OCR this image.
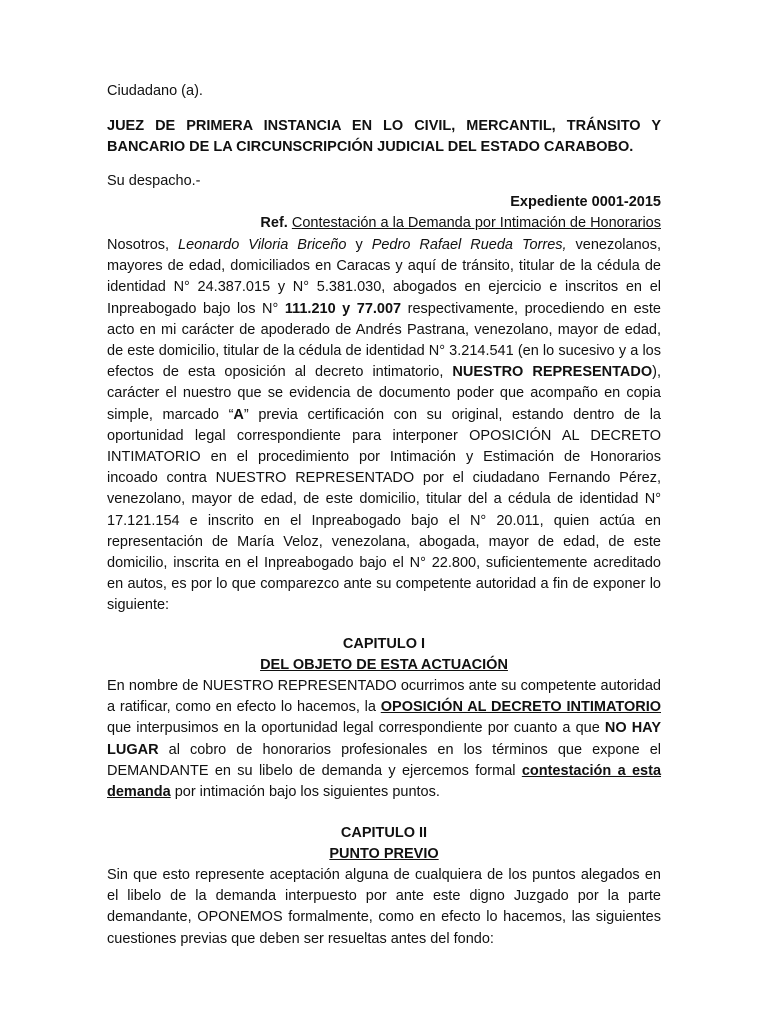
Ciudadano (a).

JUEZ DE PRIMERA INSTANCIA EN LO CIVIL, MERCANTIL, TRÁNSITO Y
BANCARIO DE LA CIRCUNSCRIPCIÓN JUDICIAL DEL ESTADO CARABOBO.

Su despacho.-

Expediente 0001-2015

Ref. Contestación a la Demanda por Intimación de Honorarios

Nosotros, Leonardo Viloria Briceño y Pedro Rafael Rueda Torres, venezolanos, mayores de edad, domiciliados en Caracas y aquí de tránsito, titular de la cédula de identidad N° 24.387.015 y N° 5.381.030, abogados en ejercicio e inscritos en el Inpreabogado bajo los N° 111.210 y 77.007 respectivamente, procediendo en este acto en mi carácter de apoderado de Andrés Pastrana, venezolano, mayor de edad, de este domicilio, titular de la cédula de identidad N° 3.214.541 (en lo sucesivo y a los efectos de esta oposición al decreto intimatorio, NUESTRO REPRESENTADO), carácter el nuestro que se evidencia de documento poder que acompaño en copia simple, marcado “A” previa certificación con su original, estando dentro de la oportunidad legal correspondiente para interponer OPOSICIÓN AL DECRETO INTIMATORIO en el procedimiento por Intimación y Estimación de Honorarios incoado contra NUESTRO REPRESENTADO por el ciudadano Fernando Pérez, venezolano, mayor de edad, de este domicilio, titular del a cédula de identidad N° 17.121.154 e inscrito en el Inpreabogado bajo el N° 20.011, quien actúa en representación de María Veloz, venezolana, abogada, mayor de edad, de este domicilio, inscrita en el Inpreabogado bajo el N° 22.800, suficientemente acreditado en autos, es por lo que comparezco ante su competente autoridad a fin de exponer lo siguiente:

CAPITULO I

DEL OBJETO DE ESTA ACTUACIÓN

En nombre de NUESTRO REPRESENTADO ocurrimos ante su competente autoridad a ratificar, como en efecto lo hacemos, la OPOSICIÓN AL DECRETO INTIMATORIO que interpusimos en la oportunidad legal correspondiente por cuanto a que NO HAY LUGAR al cobro de honorarios profesionales en los términos que expone el DEMANDANTE en su libelo de demanda y ejercemos formal contestación a esta demanda por intimación bajo los siguientes puntos.

CAPITULO II

PUNTO PREVIO

Sin que esto represente aceptación alguna de cualquiera de los puntos alegados en el libelo de la demanda interpuesto por ante este digno Juzgado por la parte demandante, OPONEMOS formalmente, como en efecto lo hacemos, las siguientes cuestiones previas que deben ser resueltas antes del fondo:
